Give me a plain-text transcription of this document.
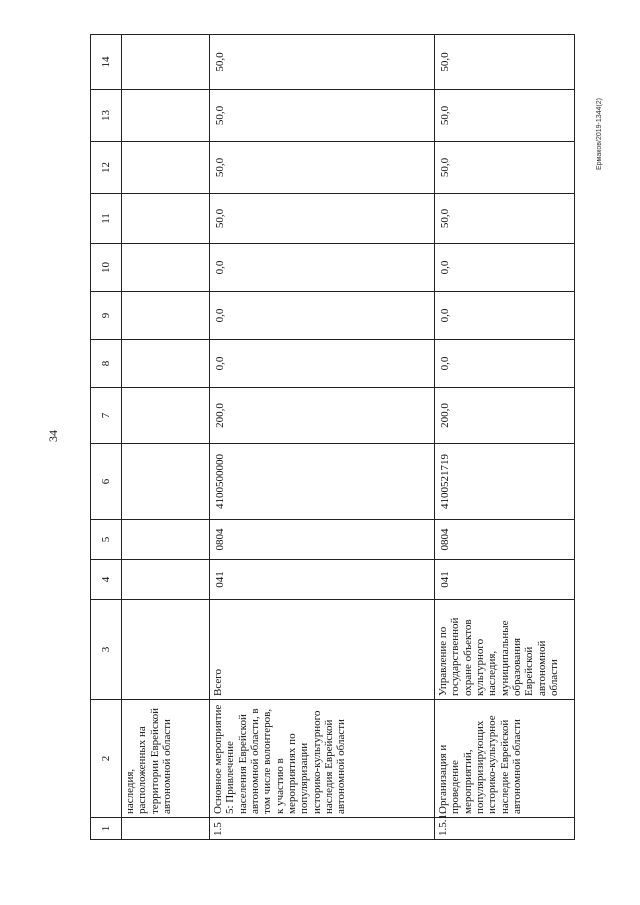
34
Ермаков/2019-1344(2)
1	2	3	4	5	6	7	8	9	10	11	12	13	14
	наследия, расположенных на территории Еврейской автономной области												
1.5	Основное мероприятие 5: Привлечение населения Еврейской автономной области, в том числе волонтеров, к участию в мероприятиях по популяризации историко-культурного наследия Еврейской автономной области	Всего	041	0804	4100500000	200,0	0,0	0,0	0,0	50,0	50,0	50,0	50,0
1.5.1.	Организация и проведение мероприятий, популяризирующих историко-культурное наследие Еврейской автономной области	Управление по государственной охране объектов культурного наследия, муниципальные образования Еврейской автономной области	041	0804	4100521719	200,0	0,0	0,0	0,0	50,0	50,0	50,0	50,0
